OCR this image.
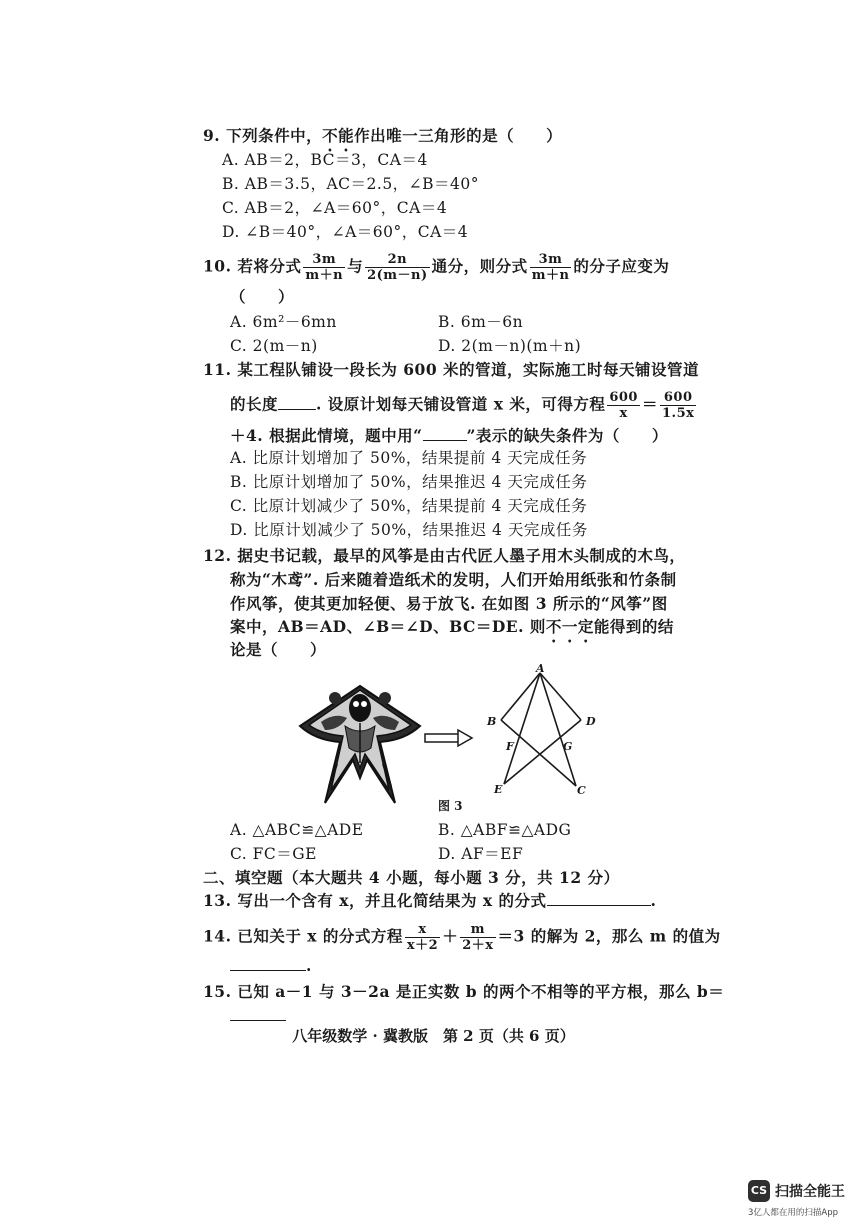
9. 下列条件中，不能作出唯一三角形的是（　　）
A. AB＝2，BC＝3，CA＝4
B. AB＝3.5，AC＝2.5，∠B＝40°
C. AB＝2，∠A＝60°，CA＝4
D. ∠B＝40°，∠A＝60°，CA＝4
10. 若将分式 $\frac{3m}{m+n}$ 与 $\frac{2n}{2(m-n)}$ 通分，则分式 $\frac{3m}{m+n}$ 的分子应变为
（　　）
A. 6m²－6mn	B. 6m－6n
C. 2(m－n)	D. 2(m－n)(m＋n)
11. 某工程队铺设一段长为 600 米的管道，实际施工时每天铺设管道
的长度 . 设原计划每天铺设管道 x 米，可得方程 $\frac{600}{x} = \frac{600}{1.5x}$
＋4. 根据此情境，题中用“	”表示的缺失条件为（　　）
A. 比原计划增加了 50%，结果提前 4 天完成任务
B. 比原计划增加了 50%，结果推迟 4 天完成任务
C. 比原计划减少了 50%，结果提前 4 天完成任务
D. 比原计划减少了 50%，结果推迟 4 天完成任务
12. 据史书记载，最早的风筝是由古代匠人墨子用木头制成的木鸟，
称为“木鸢”. 后来随着造纸术的发明，人们开始用纸张和竹条制
作风筝，使其更加轻便、易于放飞. 在如图 3 所示的“风筝”图
案中，AB＝AD、∠B＝∠D、BC＝DE. 则不一定能得到的结
论是（　　）
A
B	D
F	G
E	C
图 3
A. △ABC≌△ADE	B. △ABF≌△ADG
C. FC＝GE	D. AF＝EF
二、填空题（本大题共 4 小题，每小题 3 分，共 12 分）
13. 写出一个含有 x，并且化简结果为 x 的分式	.
14. 已知关于 x 的分式方程 $\frac{x}{x+2} + \frac{m}{2+x} =3$ 的解为 2，那么 m 的值为
.
15. 已知 a－1 与 3－2a 是正实数 b 的两个不相等的平方根，那么 b＝
八年级数学 · 冀教版　第 2 页（共 6 页）
CS 扫描全能王
3亿人都在用的扫描App
